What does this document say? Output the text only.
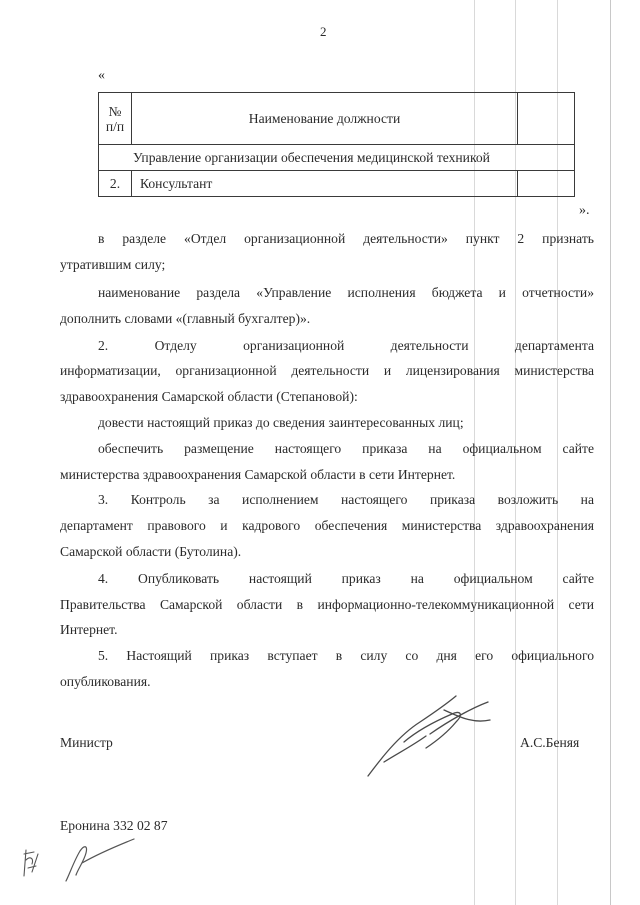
2
«
№
п/п	Наименование должности	
Управление организации обеспечения медицинской техникой		
2.	Консультант	
».
в разделе «Отдел организационной деятельности» пункт 2 признать
утратившим силу;
наименование раздела «Управление исполнения бюджета и отчетности»
дополнить словами «(главный бухгалтер)».
2. Отделу организационной деятельности департамента
информатизации, организационной деятельности и лицензирования министерства
здравоохранения Самарской области (Степановой):
довести настоящий приказ до сведения заинтересованных лиц;
обеспечить размещение настоящего приказа на официальном сайте
министерства здравоохранения Самарской области в сети Интернет.
3. Контроль за исполнением настоящего приказа возложить на
департамент правового и кадрового обеспечения министерства здравоохранения
Самарской области (Бутолина).
4. Опубликовать настоящий приказ на официальном сайте
Правительства Самарской области в информационно-телекоммуникационной сети
Интернет.
5. Настоящий приказ вступает в силу со дня его официального
опубликования.
Министр	А.С.Беняя
Еронина 332 02 87
